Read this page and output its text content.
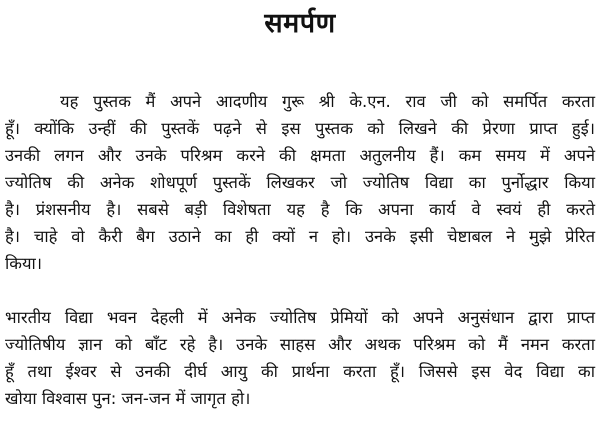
समर्पण
यह पुस्तक मैं अपने आदणीय गुरू श्री के.एन. राव जी को समर्पित करता
हूँ। क्योंकि उन्हीं की पुस्तकें पढ़ने से इस पुस्तक को लिखने की प्रेरणा प्राप्त हुई।
उनकी लगन और उनके परिश्रम करने की क्षमता अतुलनीय हैं। कम समय में अपने
ज्योतिष की अनेक शोधपूर्ण पुस्तकें लिखकर जो ज्योतिष विद्या का पुर्नोद्धार किया
है। प्रंशसनीय है। सबसे बड़ी विशेषता यह है कि अपना कार्य वे स्वयं ही करते
है। चाहे वो कैरी बैग उठाने का ही क्यों न हो। उनके इसी चेष्टाबल ने मुझे प्रेरित
किया।
भारतीय विद्या भवन देहली में अनेक ज्योतिष प्रेमियों को अपने अनुसंधान द्वारा प्राप्त
ज्योतिषीय ज्ञान को बाँट रहे है। उनके साहस और अथक परिश्रम को मैं नमन करता
हूँ तथा ईश्वर से उनकी दीर्घ आयु की प्रार्थना करता हूँ। जिससे इस वेद विद्या का
खोया विश्वास पुन: जन-जन में जागृत हो।
